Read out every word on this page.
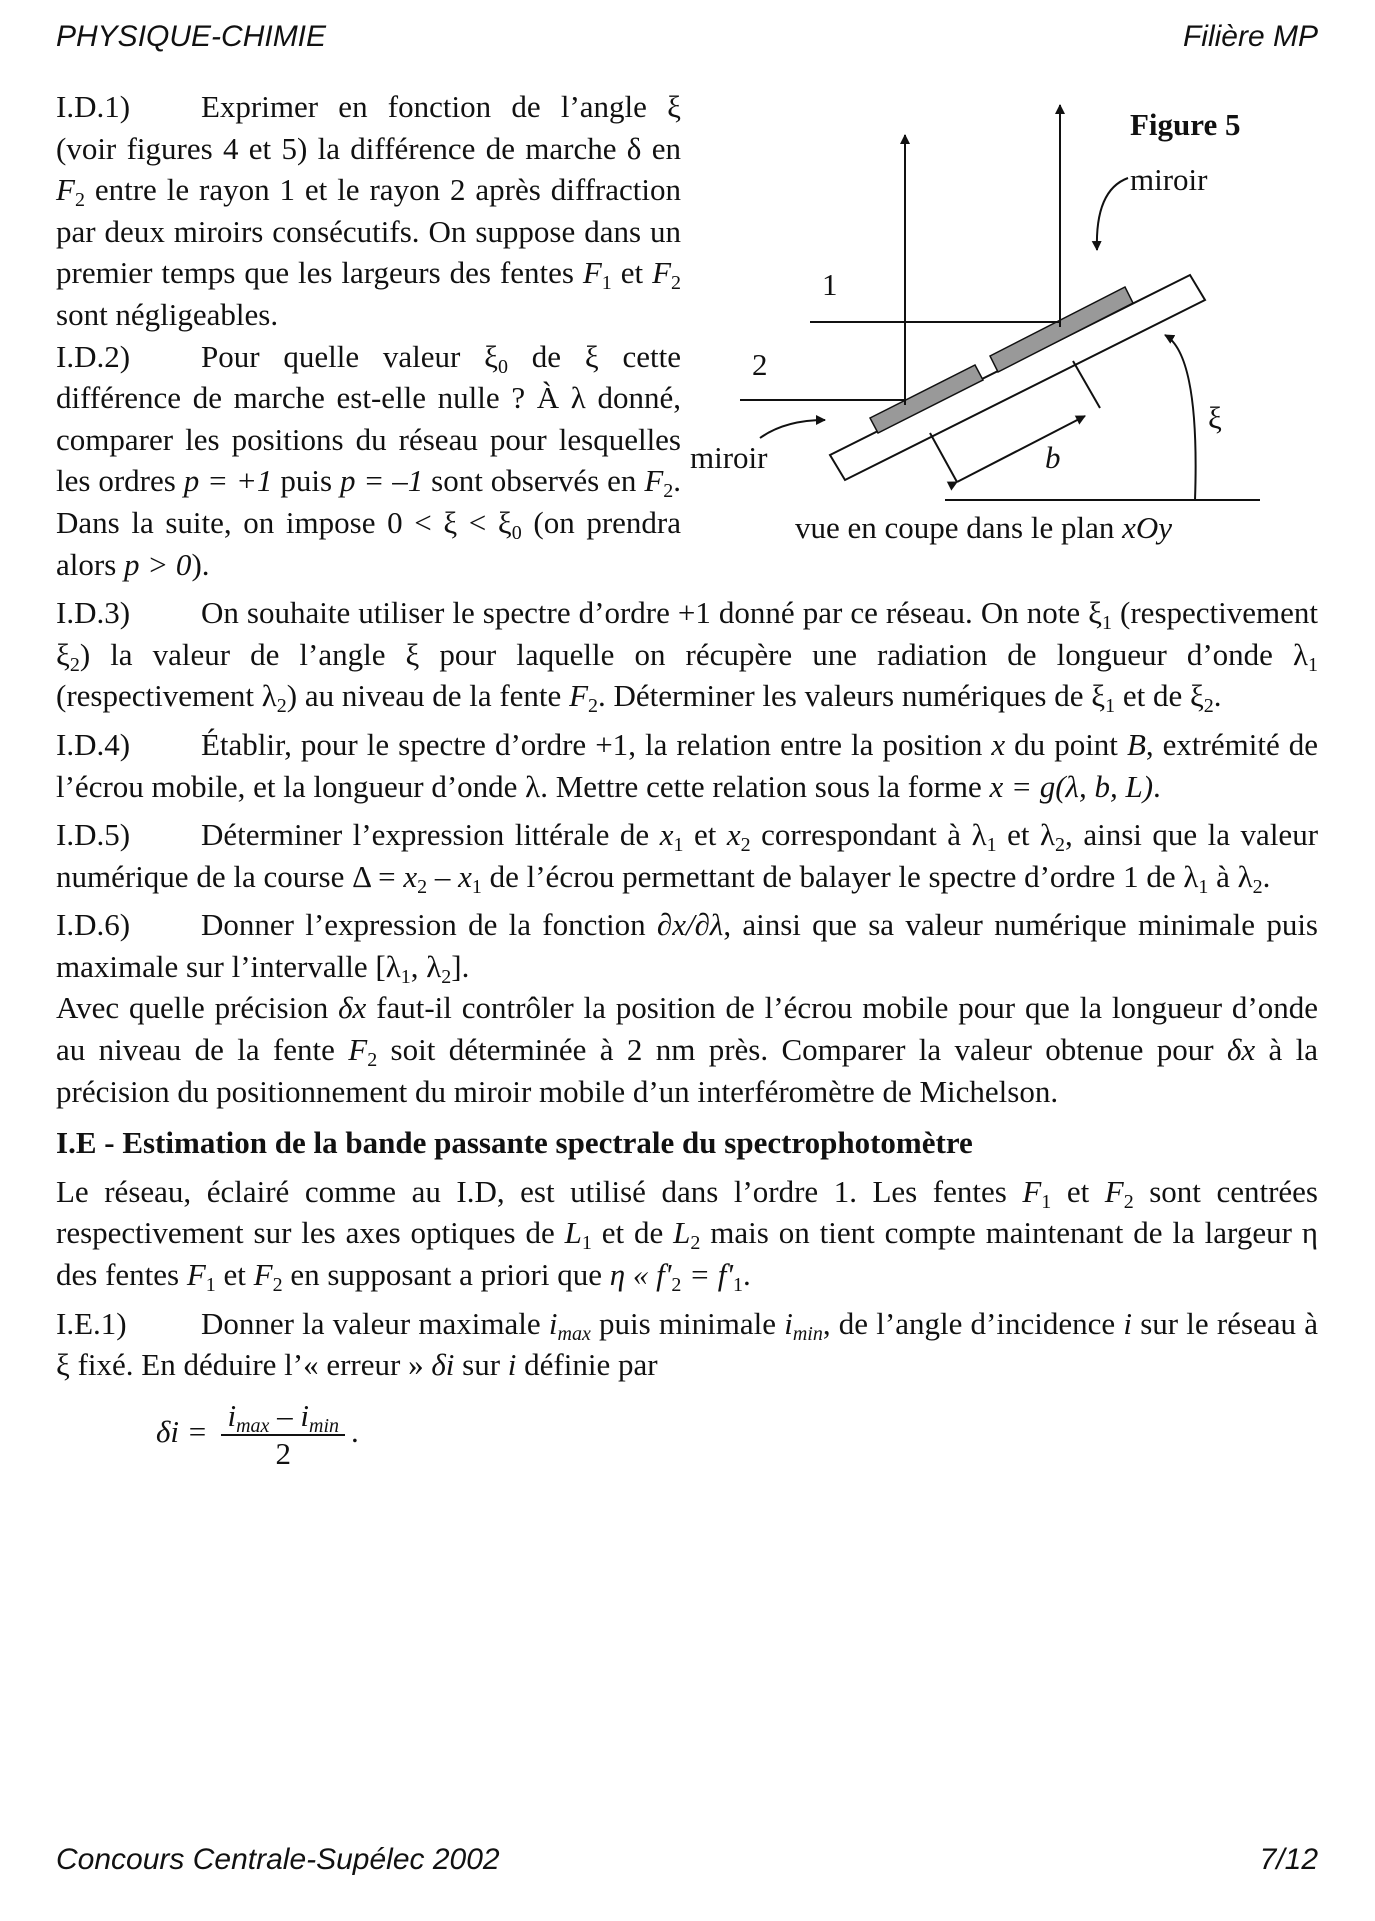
PHYSIQUE-CHIMIE	Filière MP
Figure 5
1
2
b
ξ
miroir
miroir
vue en coupe dans le plan xOy

I.D.1) Exprimer en fonction de l’angle ξ (voir figures 4 et 5) la différence de marche δ en $F_2$ entre le rayon 1 et le rayon 2 après diffraction par deux miroirs consécutifs. On suppose dans un premier temps que les largeurs des fentes $F_1$ et $F_2$ sont négligeables.

I.D.2) Pour quelle valeur $\xi_0$ de ξ cette différence de marche est-elle nulle ? À λ donné, comparer les positions du réseau pour lesquelles les ordres p = +1 puis p = –1 sont observés en $F_2$. Dans la suite, on impose $0 < \xi < \xi_0$ (on prendra alors p > 0).

I.D.3) On souhaite utiliser le spectre d’ordre +1 donné par ce réseau. On note $\xi_1$ (respectivement $\xi_2$) la valeur de l’angle ξ pour laquelle on récupère une radiation de longueur d’onde $\lambda_1$ (respectivement $\lambda_2$) au niveau de la fente $F_2$. Déterminer les valeurs numériques de $\xi_1$ et de $\xi_2$.

I.D.4) Établir, pour le spectre d’ordre +1, la relation entre la position x du point B, extrémité de l’écrou mobile, et la longueur d’onde λ. Mettre cette relation sous la forme x = g(λ, b, L).

I.D.5) Déterminer l’expression littérale de $x_1$ et $x_2$ correspondant à $\lambda_1$ et $\lambda_2$, ainsi que la valeur numérique de la course $\Delta = x_2 - x_1$ de l’écrou permettant de balayer le spectre d’ordre 1 de $\lambda_1$ à $\lambda_2$.

I.D.6) Donner l’expression de la fonction ∂x/∂λ, ainsi que sa valeur numérique minimale puis maximale sur l’intervalle [$\lambda_1$, $\lambda_2$].

Avec quelle précision δx faut-il contrôler la position de l’écrou mobile pour que la longueur d’onde au niveau de la fente $F_2$ soit déterminée à 2 nm près. Comparer la valeur obtenue pour δx à la précision du positionnement du miroir mobile d’un interféromètre de Michelson.

I.E - Estimation de la bande passante spectrale du spectrophotomètre

Le réseau, éclairé comme au I.D, est utilisé dans l’ordre 1. Les fentes $F_1$ et $F_2$ sont centrées respectivement sur les axes optiques de $L_1$ et de $L_2$ mais on tient compte maintenant de la largeur η des fentes $F_1$ et $F_2$ en supposant a priori que η « $f'_2 = f'_1$.

I.E.1) Donner la valeur maximale $i_{max}$ puis minimale $i_{min}$, de l’angle d’incidence i sur le réseau à ξ fixé. En déduire l’« erreur » δi sur i définie par

$\delta i = \frac{i_{max} - i_{min}}{2}$ .
Concours Centrale-Supélec 2002	7/12
